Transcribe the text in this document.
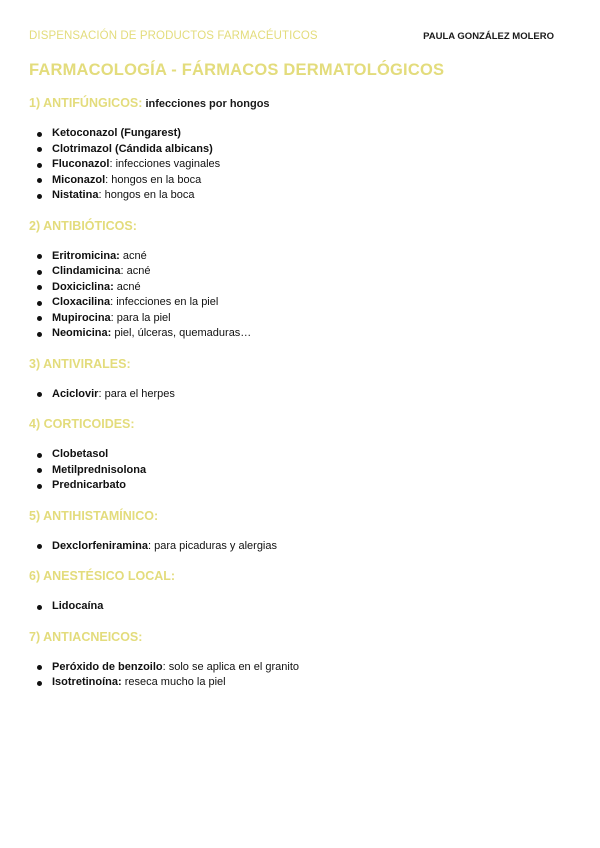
DISPENSACIÓN DE PRODUCTOS FARMACÉUTICOS	PAULA GONZÁLEZ MOLERO
FARMACOLOGÍA - FÁRMACOS DERMATOLÓGICOS
1) ANTIFÚNGICOS: infecciones por hongos
Ketoconazol (Fungarest)
Clotrimazol (Cándida albicans)
Fluconazol: infecciones vaginales
Miconazol: hongos en la boca
Nistatina: hongos en la boca
2) ANTIBIÓTICOS:
Eritromicina: acné
Clindamicina: acné
Doxiciclina: acné
Cloxacilina: infecciones en la piel
Mupirocina: para la piel
Neomicina: piel, úlceras, quemaduras…
3) ANTIVIRALES:
Aciclovir: para el herpes
4) CORTICOIDES:
Clobetasol
Metilprednisolona
Prednicarbato
5) ANTIHISTAMÍNICO:
Dexclorfeniramina: para picaduras y alergias
6) ANESTÉSICO LOCAL:
Lidocaína
7) ANTIACNEICOS:
Peróxido de benzoilo: solo se aplica en el granito
Isotretinoína: reseca mucho la piel
